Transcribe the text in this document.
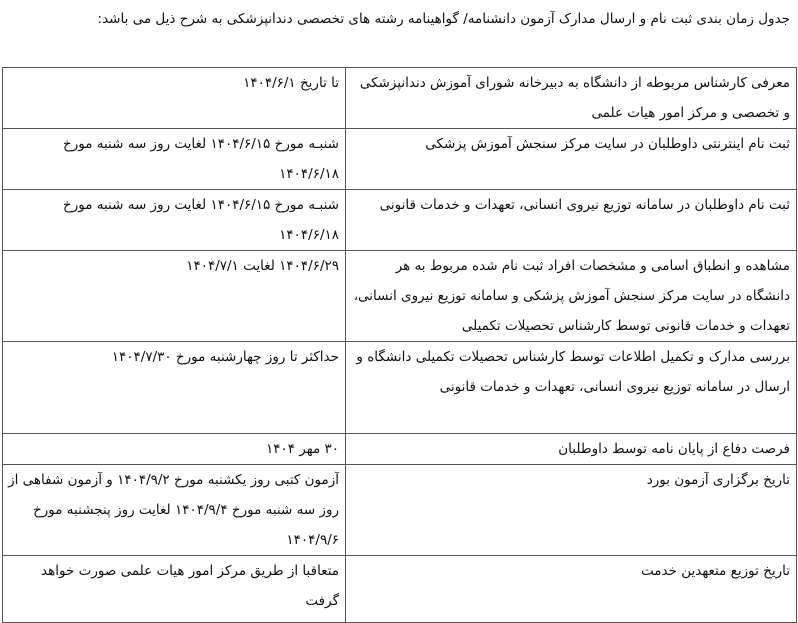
جدول زمان بندی ثبت نام و ارسال مدارک آزمون دانشنامه/ گواهینامه رشته های تخصصی دندانپزشکی به شرح ذیل می باشد:
معرفی کارشناس مربوطه از دانشگاه به دبیرخانه شورای آموزش دندانپزشکی و تخصصی و مرکز امور هیات علمی	تا تاریخ ۱۴۰۴/۶/۱
ثبت نام اینترنتی داوطلبان در سایت مرکز سنجش آموزش پزشکی	شنبـه مورخ ۱۴۰۴/۶/۱۵ لغایت روز سه شنبه مورخ ۱۴۰۴/۶/۱۸
ثبت نام داوطلبان در سامانه توزیع نیروی انسانی، تعهدات و خدمات قانونی	شنبـه مورخ ۱۴۰۴/۶/۱۵ لغایت روز سه شنبه مورخ ۱۴۰۴/۶/۱۸
مشاهده و انطباق اسامی و مشخصات افراد ثبت نام شده مربوط به هر دانشگاه در سایت مرکز سنجش آموزش پزشکی و سامانه توزیع نیروی انسانی، تعهدات و خدمات قانونی توسط کارشناس تحصیلات تکمیلی	۱۴۰۴/۶/۲۹ لغایت ۱۴۰۴/۷/۱
بررسی مدارک و تکمیل اطلاعات توسط کارشناس تحصیلات تکمیلی دانشگاه و ارسال در سامانه توزیع نیروی انسانی، تعهدات و خدمات قانونی	حداکثر تا روز چهارشنبه مورخ ۱۴۰۴/۷/۳۰
فرصت دفاع از پایان نامه توسط داوطلبان	۳۰ مهر ۱۴۰۴
تاریخ برگزاری آزمون بورد	آزمون کتبی روز یکشنبه مورخ ۱۴۰۴/۹/۲ و آزمون شفاهی از روز سه شنبه مورخ ۱۴۰۴/۹/۴ لغایت روز پنجشنبه مورخ ۱۴۰۴/۹/۶
تاریخ توزیع متعهدین خدمت	متعاقبا از طریق مرکز امور هیات علمی صورت خواهد گرفت
